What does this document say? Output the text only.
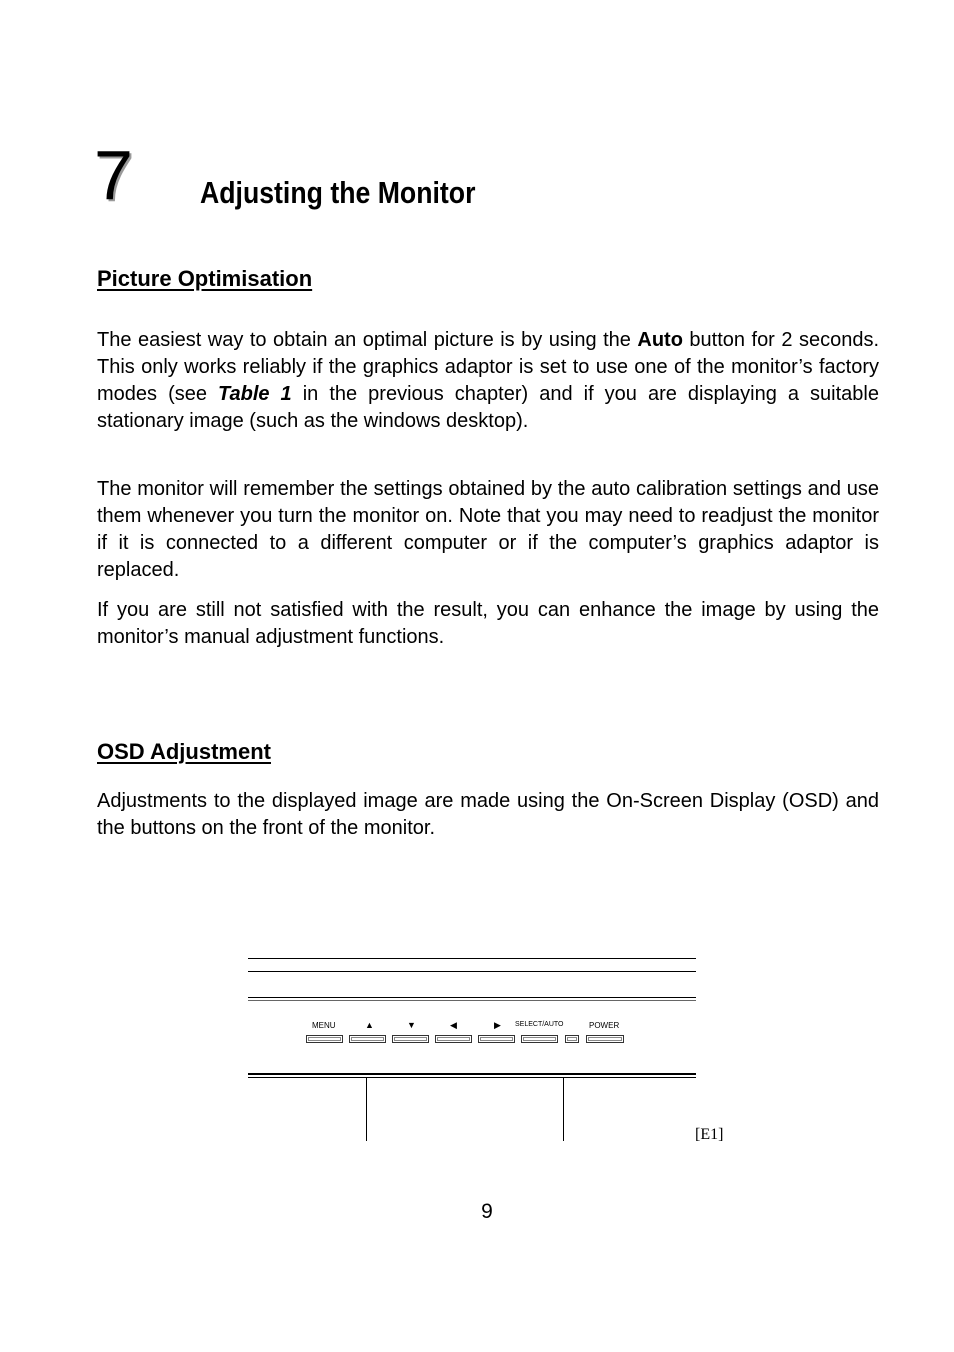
7 Adjusting the Monitor
Picture Optimisation

The easiest way to obtain an optimal picture is by using the Auto button for 2 seconds. This only works reliably if the graphics adaptor is set to use one of the monitor’s factory modes (see Table 1 in the previous chapter) and if you are displaying a suitable stationary image (such as the windows desktop).

The monitor will remember the settings obtained by the auto calibration settings and use them whenever you turn the monitor on. Note that you may need to readjust the monitor if it is connected to a different computer or if the computer’s graphics adaptor is replaced.

If you are still not satisfied with the result, you can enhance the image by using the monitor’s manual adjustment functions.

OSD Adjustment

Adjustments to the displayed image are made using the On-Screen Display (OSD) and the buttons on the front of the monitor.

MENU	▲	▼	◀	▶ SELECT/AUTO	POWER
[E1]
9
